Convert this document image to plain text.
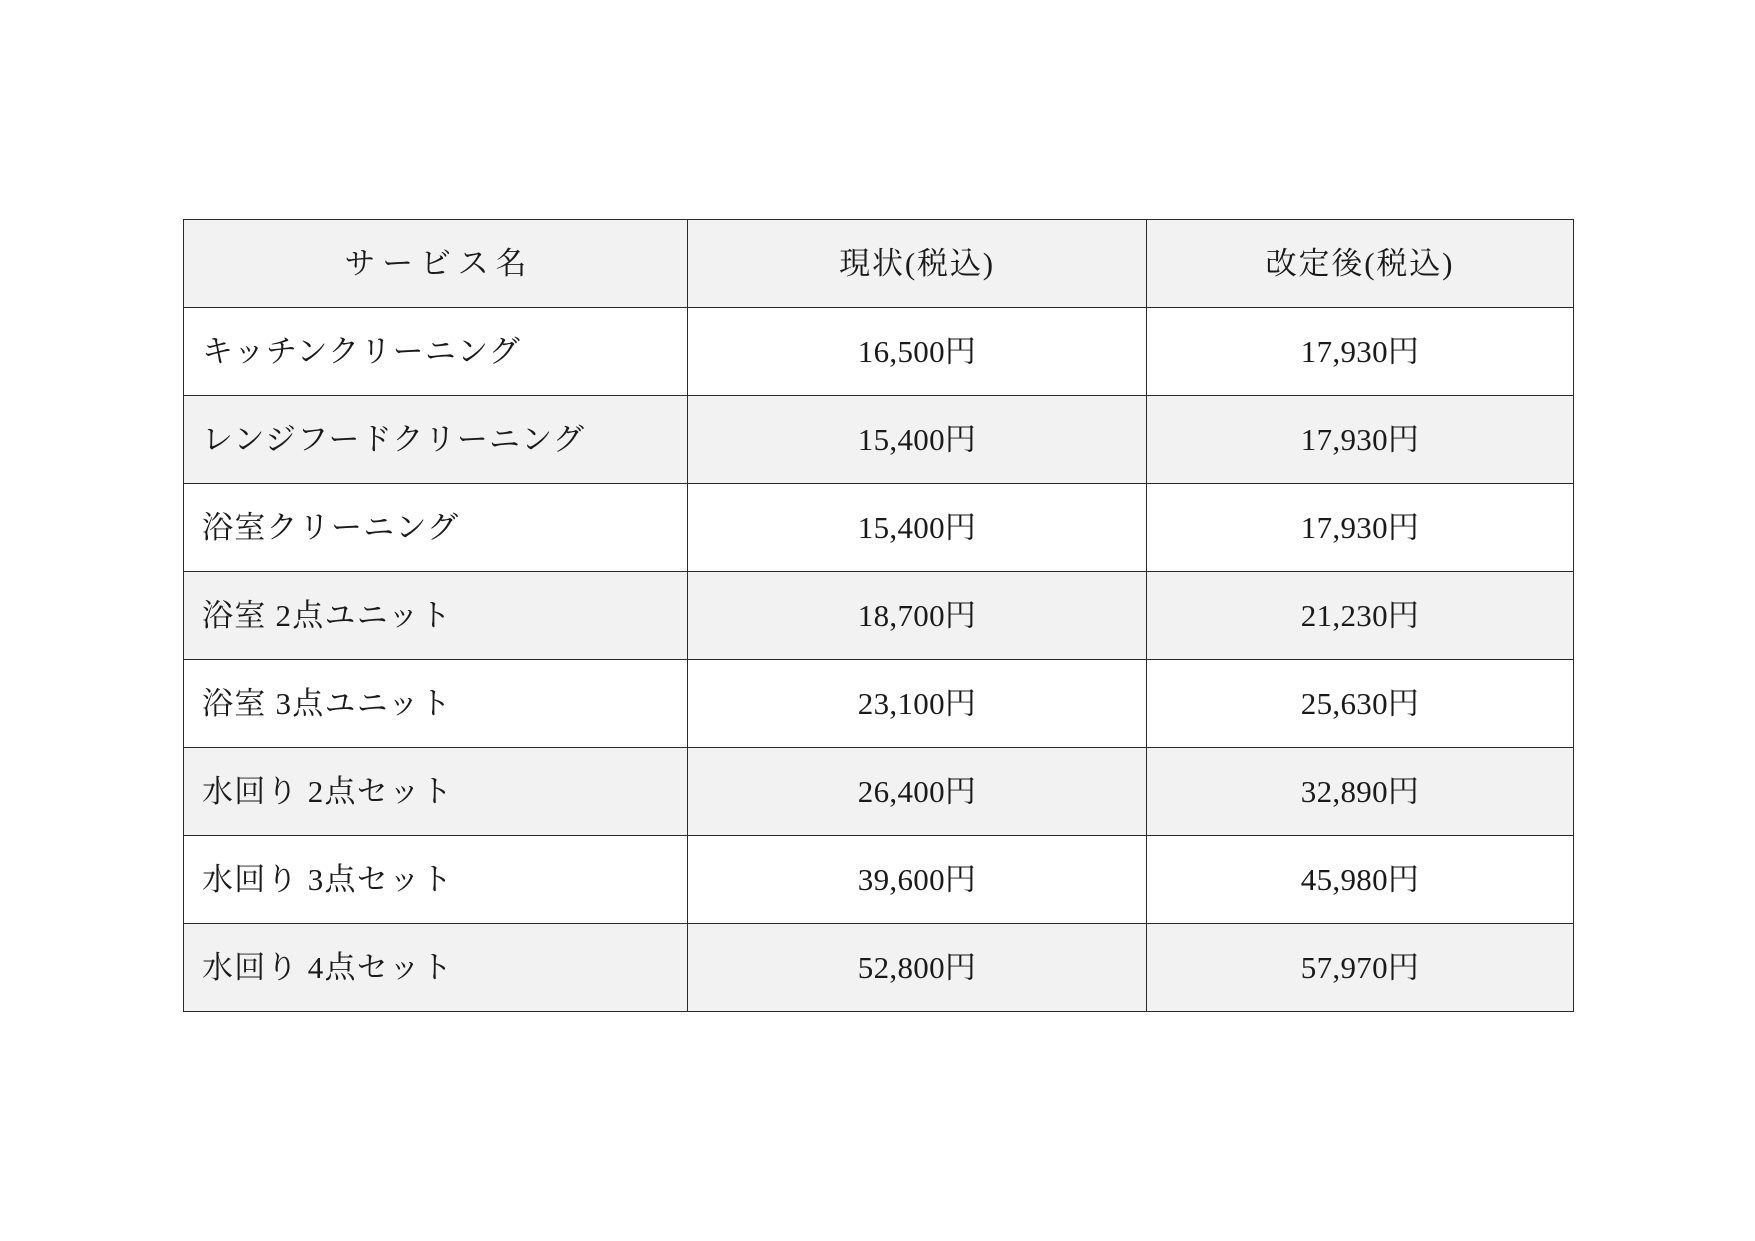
サービス名	現状(税込)	改定後(税込)
キッチンクリーニング	16,500円	17,930円
レンジフードクリーニング	15,400円	17,930円
浴室クリーニング	15,400円	17,930円
浴室 2点ユニット	18,700円	21,230円
浴室 3点ユニット	23,100円	25,630円
水回り 2点セット	26,400円	32,890円
水回り 3点セット	39,600円	45,980円
水回り 4点セット	52,800円	57,970円
